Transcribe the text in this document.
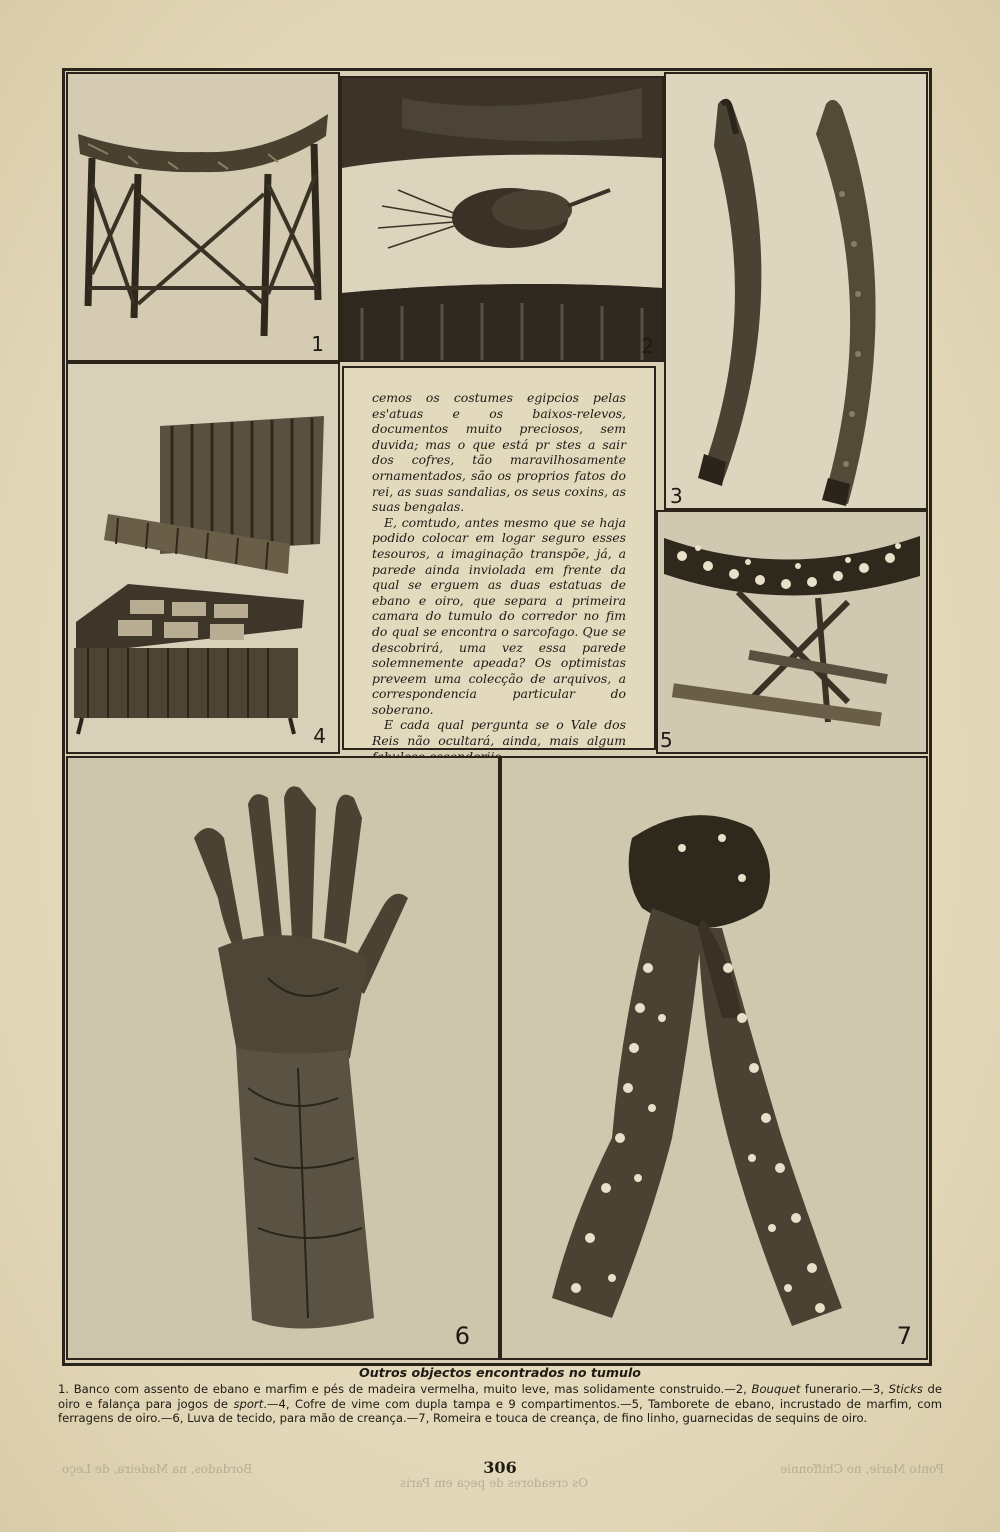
Bordados, na Madeira, de Leço
Os creadores de peça em Paris
Ponto Marie, no Chiffonnie
1	2
3
4

cemos os costumes egipcios pelas es'atuas e os baixos-relevos, documentos muito preciosos, sem duvida; mas o que está pr stes a sair dos cofres, tão maravilhosamente ornamentados, são os proprios fatos do rei, as suas sandalias, os seus coxins, as suas bengalas.

E, comtudo, antes mesmo que se haja podido colocar em logar seguro esses tesouros, a imaginação transpõe, já, a parede ainda inviolada em frente da qual se erguem as duas estatuas de ebano e oiro, que separa a primeira camara do tumulo do corredor no fim do qual se encontra o sarcofago. Que se descobrirá, uma vez essa parede solemnemente apeada? Os optimistas preveem uma colecção de arquivos, a correspondencia particular do soberano.

E cada qual pergunta se o Vale dos Reis não ocultará, ainda, mais algum 5
6	7
Outros objectos encontrados no tumulo
1. Banco com assento de ebano e marfim e pés de madeira vermelha, muito leve, mas solidamente construido.—2, Bouquet funerario.—3, Sticks de oiro e falança para jogos de sport.—4, Cofre de vime com dupla tampa e 9 compartimentos.—5, Tamborete de ebano, incrustado de marfim, com ferragens de oiro.—6, Luva de tecido, para mão de creança.—7, Romeira e touca de creança, de fino linho, guarnecidas de sequins de oiro.
306
